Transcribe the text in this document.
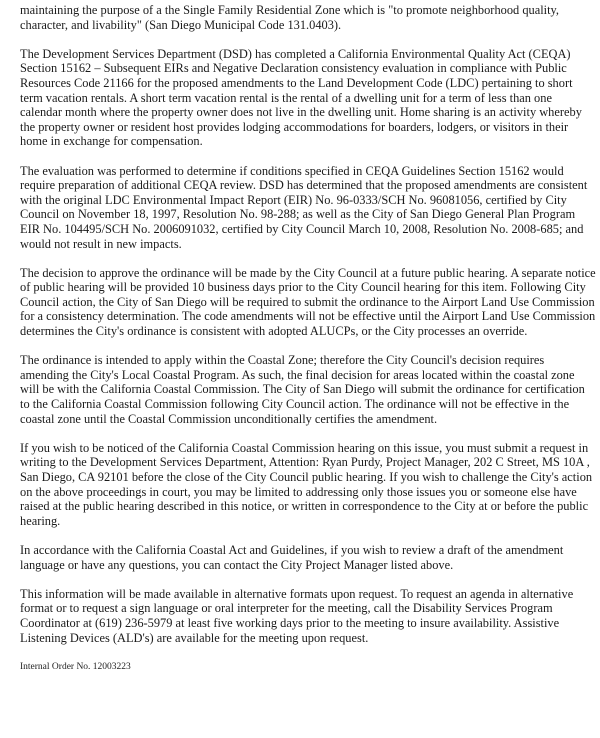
maintaining the purpose of a the Single Family Residential Zone which is "to promote neighborhood quality, character, and livability" (San Diego Municipal Code 131.0403).

The Development Services Department (DSD) has completed a California Environmental Quality Act (CEQA) Section 15162 – Subsequent EIRs and Negative Declaration consistency evaluation in compliance with Public Resources Code 21166 for the proposed amendments to the Land Development Code (LDC) pertaining to short term vacation rentals. A short term vacation rental is the rental of a dwelling unit for a term of less than one calendar month where the property owner does not live in the dwelling unit. Home sharing is an activity whereby the property owner or resident host provides lodging accommodations for boarders, lodgers, or visitors in their home in exchange for compensation.

The evaluation was performed to determine if conditions specified in CEQA Guidelines Section 15162 would require preparation of additional CEQA review. DSD has determined that the proposed amendments are consistent with the original LDC Environmental Impact Report (EIR) No. 96-0333/SCH No. 96081056, certified by City Council on November 18, 1997, Resolution No. 98-288; as well as the City of San Diego General Plan Program EIR No. 104495/SCH No. 2006091032, certified by City Council March 10, 2008, Resolution No. 2008-685; and would not result in new impacts.

The decision to approve the ordinance will be made by the City Council at a future public hearing. A separate notice of public hearing will be provided 10 business days prior to the City Council hearing for this item. Following City Council action, the City of San Diego will be required to submit the ordinance to the Airport Land Use Commission for a consistency determination. The code amendments will not be effective until the Airport Land Use Commission determines the City's ordinance is consistent with adopted ALUCPs, or the City processes an override.

The ordinance is intended to apply within the Coastal Zone; therefore the City Council's decision requires amending the City's Local Coastal Program. As such, the final decision for areas located within the coastal zone will be with the California Coastal Commission. The City of San Diego will submit the ordinance for certification to the California Coastal Commission following City Council action. The ordinance will not be effective in the coastal zone until the Coastal Commission unconditionally certifies the amendment.

If you wish to be noticed of the California Coastal Commission hearing on this issue, you must submit a request in writing to the Development Services Department, Attention: Ryan Purdy, Project Manager, 202 C Street, MS 10A , San Diego, CA 92101 before the close of the City Council public hearing. If you wish to challenge the City's action on the above proceedings in court, you may be limited to addressing only those issues you or someone else have raised at the public hearing described in this notice, or written in correspondence to the City at or before the public hearing.

In accordance with the California Coastal Act and Guidelines, if you wish to review a draft of the amendment language or have any questions, you can contact the City Project Manager listed above.

This information will be made available in alternative formats upon request. To request an agenda in alternative format or to request a sign language or oral interpreter for the meeting, call the Disability Services Program Coordinator at (619) 236-5979 at least five working days prior to the meeting to insure availability. Assistive Listening Devices (ALD's) are available for the meeting upon request.

Internal Order No. 12003223
